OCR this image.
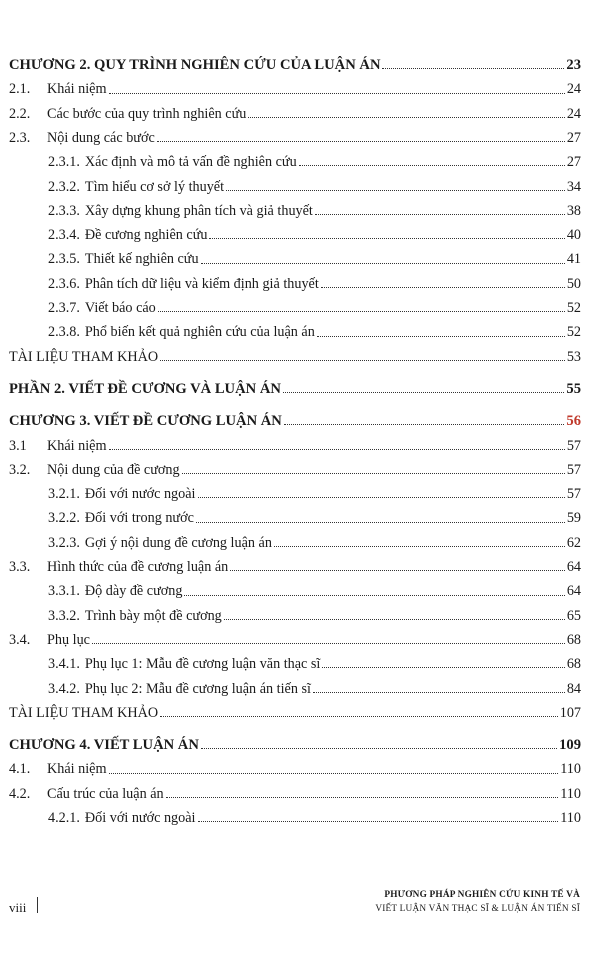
CHƯƠNG 2. QUY TRÌNH NGHIÊN CỨU CỦA LUẬN ÁN	23
2.1.	Khái niệm	24
2.2.	Các bước của quy trình nghiên cứu	24
2.3.	Nội dung các bước	27
2.3.1. Xác định và mô tả vấn đề nghiên cứu	27
2.3.2. Tìm hiểu cơ sở lý thuyết	34
2.3.3. Xây dựng khung phân tích và giả thuyết	38
2.3.4. Đề cương nghiên cứu	40
2.3.5. Thiết kế nghiên cứu	41
2.3.6. Phân tích dữ liệu và kiểm định giả thuyết	50
2.3.7. Viết báo cáo	52
2.3.8. Phổ biến kết quả nghiên cứu của luận án	52
TÀI LIỆU THAM KHẢO	53
PHẦN 2. VIẾT ĐỀ CƯƠNG VÀ LUẬN ÁN	55
CHƯƠNG 3. VIẾT ĐỀ CƯƠNG LUẬN ÁN	56
3.1	Khái niệm	57
3.2.	Nội dung của đề cương	57
3.2.1. Đối với nước ngoài	57
3.2.2. Đối với trong nước	59
3.2.3. Gợi ý nội dung đề cương luận án	62
3.3.	Hình thức của đề cương luận án	64
3.3.1. Độ dày đề cương	64
3.3.2. Trình bày một đề cương	65
3.4.	Phụ lục	68
3.4.1. Phụ lục 1: Mẫu đề cương luận văn thạc sĩ	68
3.4.2. Phụ lục 2: Mẫu đề cương luận án tiến sĩ	84
TÀI LIỆU THAM KHẢO	107
CHƯƠNG 4. VIẾT LUẬN ÁN	109
4.1.	Khái niệm	110
4.2.	Cấu trúc của luận án	110
4.2.1. Đối với nước ngoài	110
viii
PHƯƠNG PHÁP NGHIÊN CỨU KINH TẾ VÀ
VIẾT LUẬN VĂN THẠC SĨ & LUẬN ÁN TIẾN SĨ
